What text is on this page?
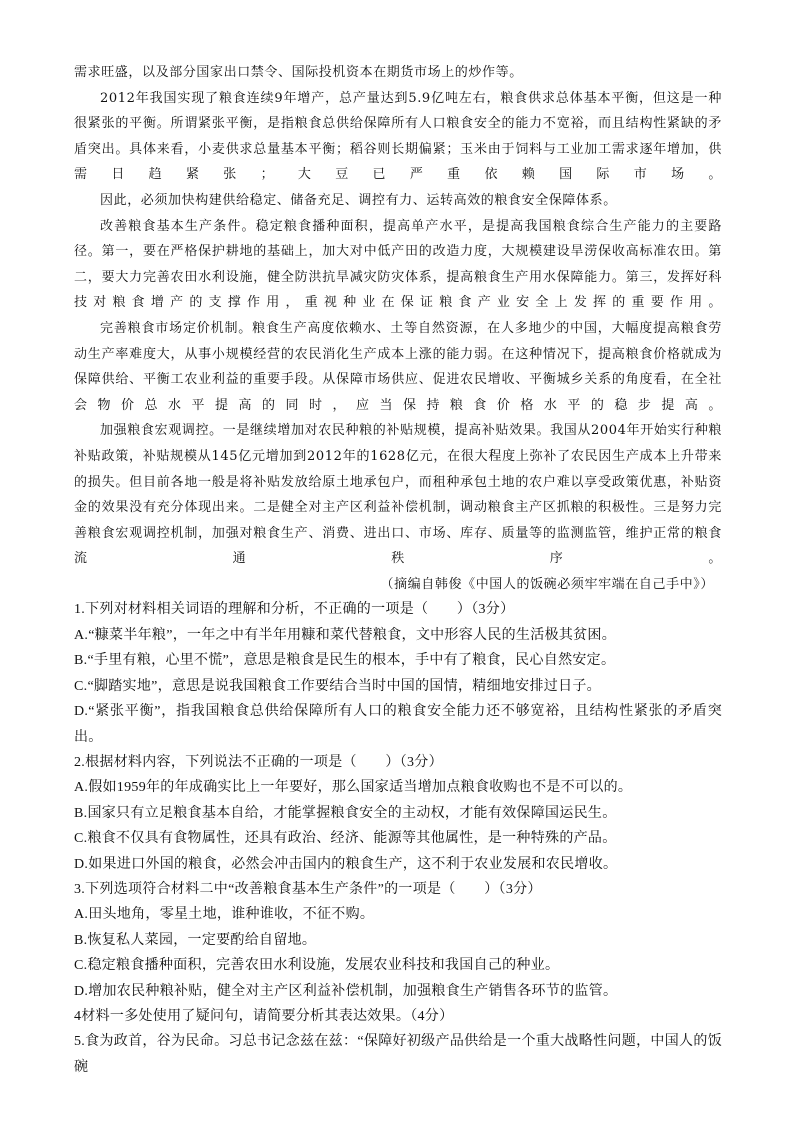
需求旺盛，以及部分国家出口禁令、国际投机资本在期货市场上的炒作等。

2012年我国实现了粮食连续9年增产，总产量达到5.9亿吨左右，粮食供求总体基本平衡，但这是一种很紧张的平衡。所谓紧张平衡，是指粮食总供给保障所有人口粮食安全的能力不宽裕，而且结构性紧缺的矛盾突出。具体来看，小麦供求总量基本平衡；稻谷则长期偏紧；玉米由于饲料与工业加工需求逐年增加，供需日趋紧张；大豆已严重依赖国际市场。

因此，必须加快构建供给稳定、储备充足、调控有力、运转高效的粮食安全保障体系。

改善粮食基本生产条件。稳定粮食播种面积，提高单产水平，是提高我国粮食综合生产能力的主要路径。第一，要在严格保护耕地的基础上，加大对中低产田的改造力度，大规模建设旱涝保收高标准农田。第二，要大力完善农田水利设施，健全防洪抗旱减灾防灾体系，提高粮食生产用水保障能力。第三，发挥好科技对粮食增产的支撑作用，重视种业在保证粮食产业安全上发挥的重要作用。

完善粮食市场定价机制。粮食生产高度依赖水、土等自然资源，在人多地少的中国，大幅度提高粮食劳动生产率难度大，从事小规模经营的农民消化生产成本上涨的能力弱。在这种情况下，提高粮食价格就成为保障供给、平衡工农业利益的重要手段。从保障市场供应、促进农民增收、平衡城乡关系的角度看，在全社会物价总水平提高的同时，应当保持粮食价格水平的稳步提高。

加强粮食宏观调控。一是继续增加对农民种粮的补贴规模，提高补贴效果。我国从2004年开始实行种粮补贴政策，补贴规模从145亿元增加到2012年的1628亿元，在很大程度上弥补了农民因生产成本上升带来的损失。但目前各地一般是将补贴发放给原土地承包户，而租种承包土地的农户难以享受政策优惠，补贴资金的效果没有充分体现出来。二是健全对主产区利益补偿机制，调动粮食主产区抓粮的积极性。三是努力完善粮食宏观调控机制，加强对粮食生产、消费、进出口、市场、库存、质量等的监测监管，维护正常的粮食流通秩序。

（摘编自韩俊《中国人的饭碗必须牢牢端在自己手中》）

1.下列对材料相关词语的理解和分析，不正确的一项是（　　）（3分）

A.“糠菜半年粮”，一年之中有半年用糠和菜代替粮食，文中形容人民的生活极其贫困。

B.“手里有粮，心里不慌”，意思是粮食是民生的根本，手中有了粮食，民心自然安定。

C.“脚踏实地”，意思是说我国粮食工作要结合当时中国的国情，精细地安排过日子。

D.“紧张平衡”，指我国粮食总供给保障所有人口的粮食安全能力还不够宽裕，且结构性紧张的矛盾突出。

2.根据材料内容，下列说法不正确的一项是（　　）（3分）

A.假如1959年的年成确实比上一年要好，那么国家适当增加点粮食收购也不是不可以的。

B.国家只有立足粮食基本自给，才能掌握粮食安全的主动权，才能有效保障国运民生。

C.粮食不仅具有食物属性，还具有政治、经济、能源等其他属性，是一种特殊的产品。

D.如果进口外国的粮食，必然会冲击国内的粮食生产，这不利于农业发展和农民增收。

3.下列选项符合材料二中“改善粮食基本生产条件”的一项是（　　）（3分）

A.田头地角，零星土地，谁种谁收，不征不购。

B.恢复私人菜园，一定要酌给自留地。

C.稳定粮食播种面积，完善农田水利设施，发展农业科技和我国自己的种业。

D.增加农民种粮补贴，健全对主产区利益补偿机制，加强粮食生产销售各环节的监管。

4材料一多处使用了疑问句，请简要分析其表达效果。（4分）

5.食为政首，谷为民命。习总书记念兹在兹：“保障好初级产品供给是一个重大战略性问题，中国人的饭碗
